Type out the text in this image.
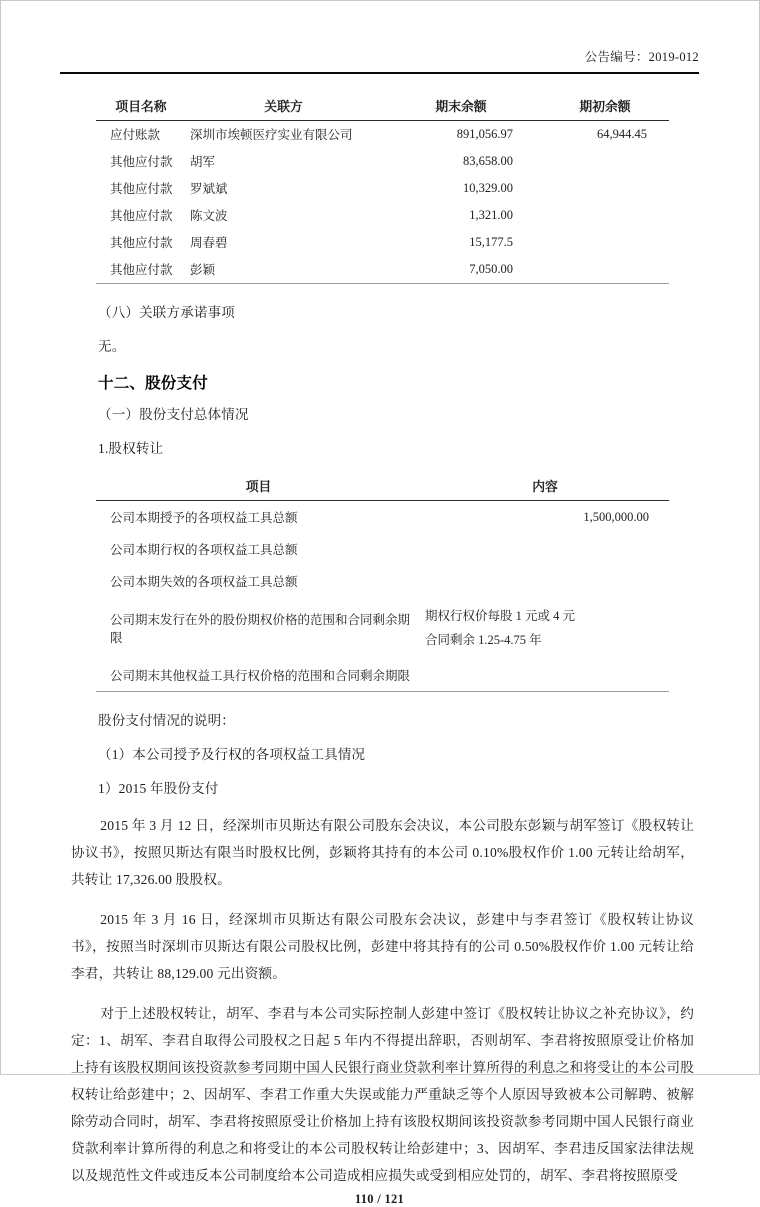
公告编号：2019-012
项目名称	关联方	期末余额	期初余额
应付账款	深圳市埃顿医疗实业有限公司	891,056.97	64,944.45
其他应付款	胡军	83,658.00	
其他应付款	罗斌斌	10,329.00	
其他应付款	陈文波	1,321.00	
其他应付款	周春碧	15,177.5	
其他应付款	彭颖	7,050.00	
（八）关联方承诺事项
无。
十二、股份支付
（一）股份支付总体情况
1.股权转让
项目	内容
公司本期授予的各项权益工具总额	1,500,000.00
公司本期行权的各项权益工具总额	
公司本期失效的各项权益工具总额	
公司期末发行在外的股份期权价格的范围和合同剩余期限	期权行权价每股 1 元或 4 元
合同剩余 1.25-4.75 年

公司期末其他权益工具行权价格的范围和合同剩余期限	
股份支付情况的说明：
（1）本公司授予及行权的各项权益工具情况
1）2015 年股份支付

2015 年 3 月 12 日，经深圳市贝斯达有限公司股东会决议，本公司股东彭颖与胡军签订《股权转让协议书》，按照贝斯达有限当时股权比例，彭颖将其持有的本公司 0.10%股权作价 1.00 元转让给胡军，共转让 17,326.00 股股权。

2015 年 3 月 16 日，经深圳市贝斯达有限公司股东会决议，彭建中与李君签订《股权转让协议书》，按照当时深圳市贝斯达有限公司股权比例，彭建中将其持有的公司 0.50%股权作价 1.00 元转让给李君，共转让 88,129.00 元出资额。

对于上述股权转让，胡军、李君与本公司实际控制人彭建中签订《股权转让协议之补充协议》，约定：1、胡军、李君自取得公司股权之日起 5 年内不得提出辞职，否则胡军、李君将按照原受让价格加上持有该股权期间该投资款参考同期中国人民银行商业贷款利率计算所得的利息之和将受让的本公司股权转让给彭建中；2、因胡军、李君工作重大失误或能力严重缺乏等个人原因导致被本公司解聘、被解除劳动合同时，胡军、李君将按照原受让价格加上持有该股权期间该投资款参考同期中国人民银行商业贷款利率计算所得的利息之和将受让的本公司股权转让给彭建中；3、因胡军、李君违反国家法律法规以及规范性文件或违反本公司制度给本公司造成相应损失或受到相应处罚的，胡军、李君将按照原受

110 / 121
